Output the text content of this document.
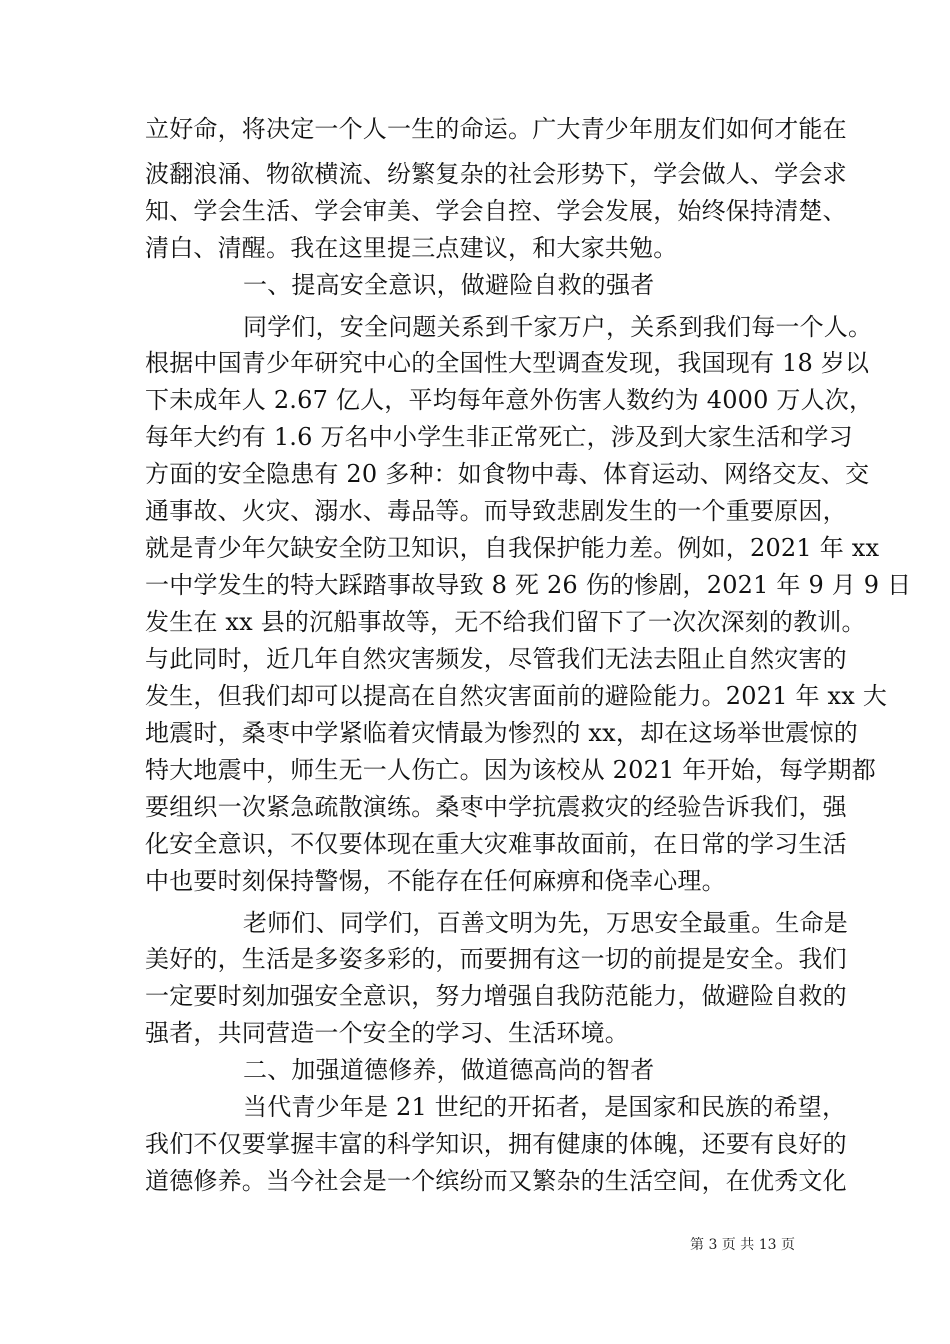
立好命，将决定一个人一生的命运。广大青少年朋友们如何才能在
波翻浪涌、物欲横流、纷繁复杂的社会形势下，学会做人、学会求
知、学会生活、学会审美、学会自控、学会发展，始终保持清楚、
清白、清醒。我在这里提三点建议，和大家共勉。
一、提高安全意识，做避险自救的强者
同学们，安全问题关系到千家万户，关系到我们每一个人。
根据中国青少年研究中心的全国性大型调查发现，我国现有 18 岁以
下未成年人 2.67 亿人，平均每年意外伤害人数约为 4000 万人次，
每年大约有 1.6 万名中小学生非正常死亡，涉及到大家生活和学习
方面的安全隐患有 20 多种：如食物中毒、体育运动、网络交友、交
通事故、火灾、溺水、毒品等。而导致悲剧发生的一个重要原因，
就是青少年欠缺安全防卫知识，自我保护能力差。例如，2021 年 xx
一中学发生的特大踩踏事故导致 8 死 26 伤的惨剧，2021 年 9 月 9 日
发生在 xx 县的沉船事故等，无不给我们留下了一次次深刻的教训。
与此同时，近几年自然灾害频发，尽管我们无法去阻止自然灾害的
发生，但我们却可以提高在自然灾害面前的避险能力。2021 年 xx 大
地震时，桑枣中学紧临着灾情最为惨烈的 xx，却在这场举世震惊的
特大地震中，师生无一人伤亡。因为该校从 2021 年开始，每学期都
要组织一次紧急疏散演练。桑枣中学抗震救灾的经验告诉我们，强
化安全意识，不仅要体现在重大灾难事故面前，在日常的学习生活
中也要时刻保持警惕，不能存在任何麻痹和侥幸心理。
老师们、同学们，百善文明为先，万思安全最重。生命是
美好的，生活是多姿多彩的，而要拥有这一切的前提是安全。我们
一定要时刻加强安全意识，努力增强自我防范能力，做避险自救的
强者，共同营造一个安全的学习、生活环境。
二、加强道德修养，做道德高尚的智者
当代青少年是 21 世纪的开拓者，是国家和民族的希望，
我们不仅要掌握丰富的科学知识，拥有健康的体魄，还要有良好的
道德修养。当今社会是一个缤纷而又繁杂的生活空间，在优秀文化
第 3 页 共 13 页
